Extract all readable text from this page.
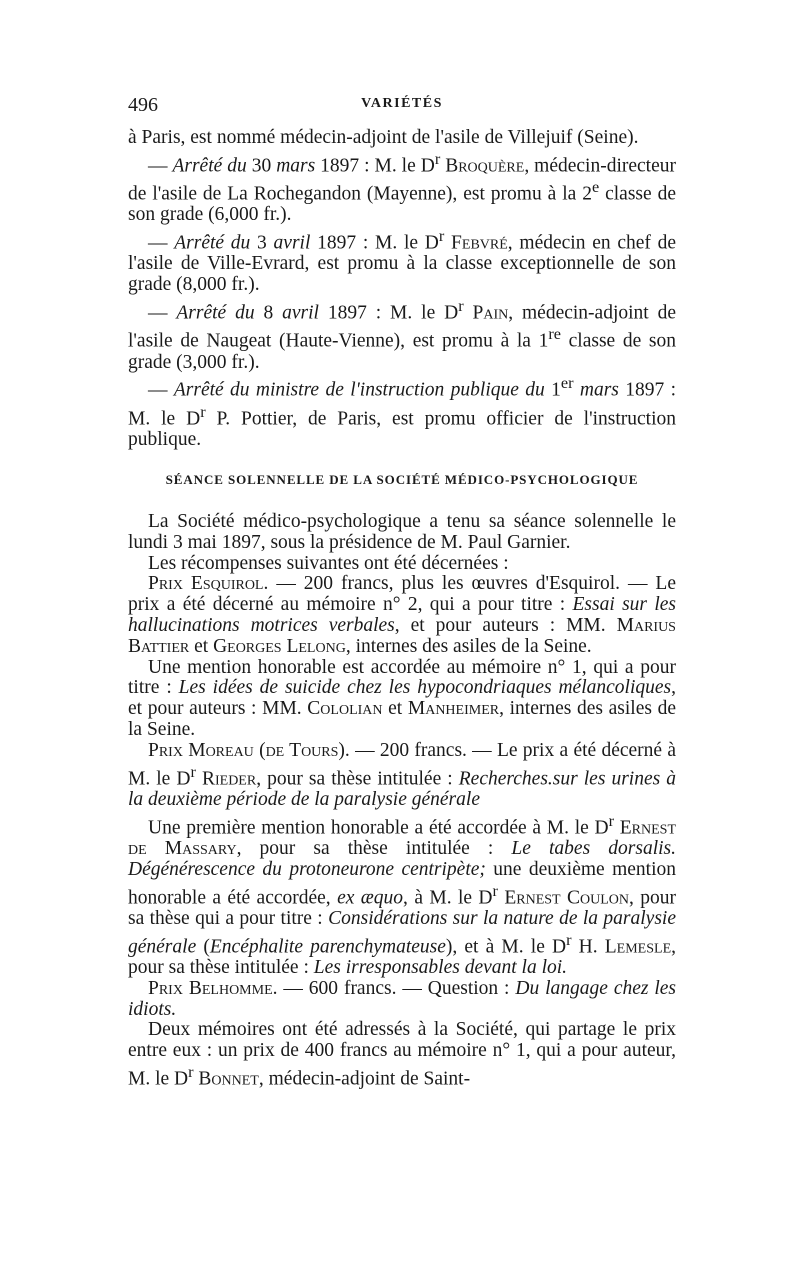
496	VARIÉTÉS

à Paris, est nommé médecin-adjoint de l'asile de Villejuif (Seine).

— Arrêté du 30 mars 1897 : M. le $D^r$ Broquère, médecin-directeur de l'asile de La Rochegandon (Mayenne), est promu à la 2e classe de son grade (6,000 fr.).

— Arrêté du 3 avril 1897 : M. le $D^r$ Febvré, médecin en chef de l'asile de Ville-Evrard, est promu à la classe exceptionnelle de son grade (8,000 fr.).

— Arrêté du 8 avril 1897 : M. le $D^r$ Pain, médecin-adjoint de l'asile de Naugeat (Haute-Vienne), est promu à la 1re classe de son grade (3,000 fr.).

— Arrêté du ministre de l'instruction publique du 1er mars 1897 : M. le $D^r$ P. Pottier, de Paris, est promu officier de l'instruction publique.

SÉANCE SOLENNELLE DE LA SOCIÉTÉ MÉDICO-PSYCHOLOGIQUE

La Société médico-psychologique a tenu sa séance solennelle le lundi 3 mai 1897, sous la présidence de M. Paul Garnier.

Les récompenses suivantes ont été décernées :

Prix Esquirol. — 200 francs, plus les œuvres d'Esquirol. — Le prix a été décerné au mémoire n° 2, qui a pour titre : Essai sur les hallucinations motrices verbales, et pour auteurs : MM. Marius Battier et Georges Lelong, internes des asiles de la Seine.

Une mention honorable est accordée au mémoire n° 1, qui a pour titre : Les idées de suicide chez les hypocondriaques mélancoliques, et pour auteurs : MM. Cololian et Manheimer, internes des asiles de la Seine.

Prix Moreau (de Tours). — 200 francs. — Le prix a été décerné à M. le $D^r$ Rieder, pour sa thèse intitulée : Recherches.sur les urines à la deuxième période de la paralysie générale

Une première mention honorable a été accordée à M. le $D^r$ Ernest de Massary, pour sa thèse intitulée : Le tabes dorsalis. Dégénérescence du protoneurone centripète; une deuxième mention honorable a été accordée, ex æquo, à M. le $D^r$ Ernest Coulon, pour sa thèse qui a pour titre : Considérations sur la nature de la paralysie générale (Encéphalite parenchymateuse), et à M. le $D^r$ H. Lemesle, pour sa thèse intitulée : Les irresponsables devant la loi.

Prix Belhomme. — 600 francs. — Question : Du langage chez les idiots.

Deux mémoires ont été adressés à la Société, qui partage le prix entre eux : un prix de 400 francs au mémoire n° 1, qui a pour auteur, M. le $D^r$ Bonnet, médecin-adjoint de Saint-
